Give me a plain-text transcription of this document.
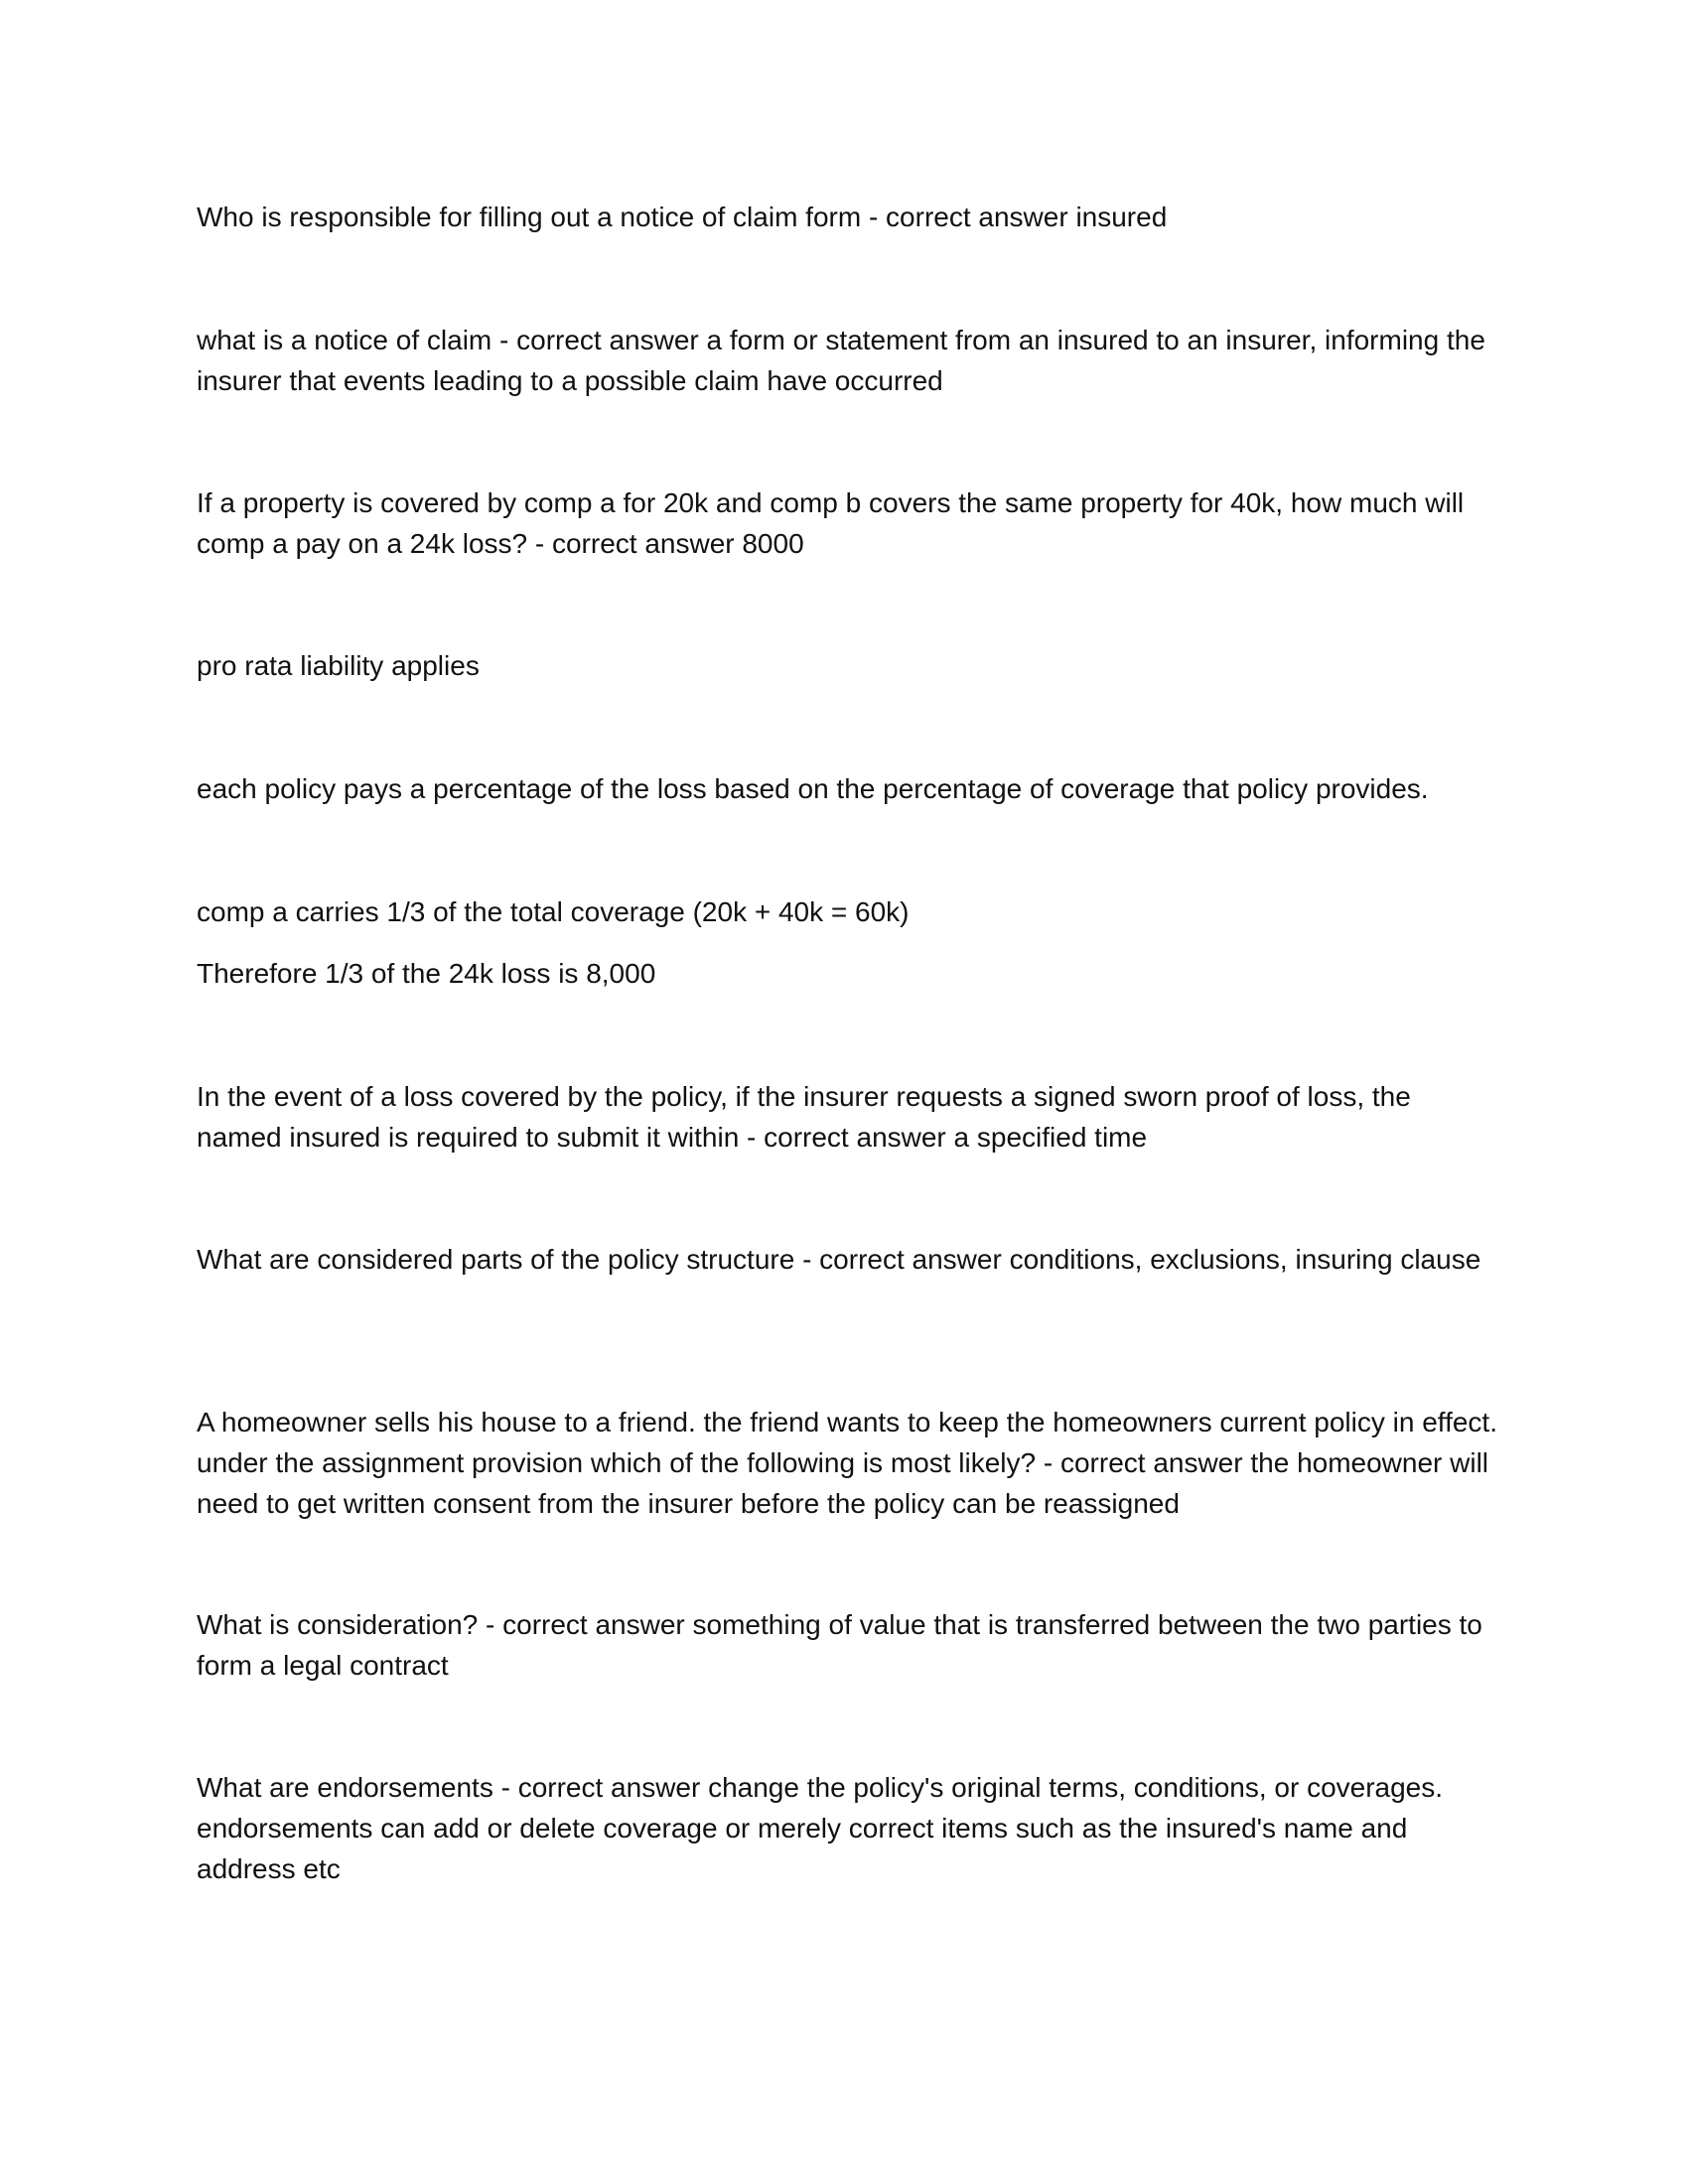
Who is responsible for filling out a notice of claim form - correct answer insured

what is a notice of claim - correct answer a form or statement from an insured to an insurer, informing the insurer that events leading to a possible claim have occurred

If a property is covered by comp a for 20k and comp b covers the same property for 40k, how much will comp a pay on a 24k loss? - correct answer 8000

pro rata liability applies

each policy pays a percentage of the loss based on the percentage of coverage that policy provides.

comp a carries 1/3 of the total coverage (20k + 40k = 60k)

Therefore 1/3 of the 24k loss is 8,000

In the event of a loss covered by the policy, if the insurer requests a signed sworn proof of loss, the named insured is required to submit it within - correct answer a specified time

What are considered parts of the policy structure - correct answer conditions, exclusions, insuring clause

A homeowner sells his house to a friend. the friend wants to keep the homeowners current policy in effect. under the assignment provision which of the following is most likely? - correct answer the homeowner will need to get written consent from the insurer before the policy can be reassigned

What is consideration? - correct answer something of value that is transferred between the two parties to form a legal contract

What are endorsements - correct answer change the policy's original terms, conditions, or coverages. endorsements can add or delete coverage or merely correct items such as the insured's name and address etc
